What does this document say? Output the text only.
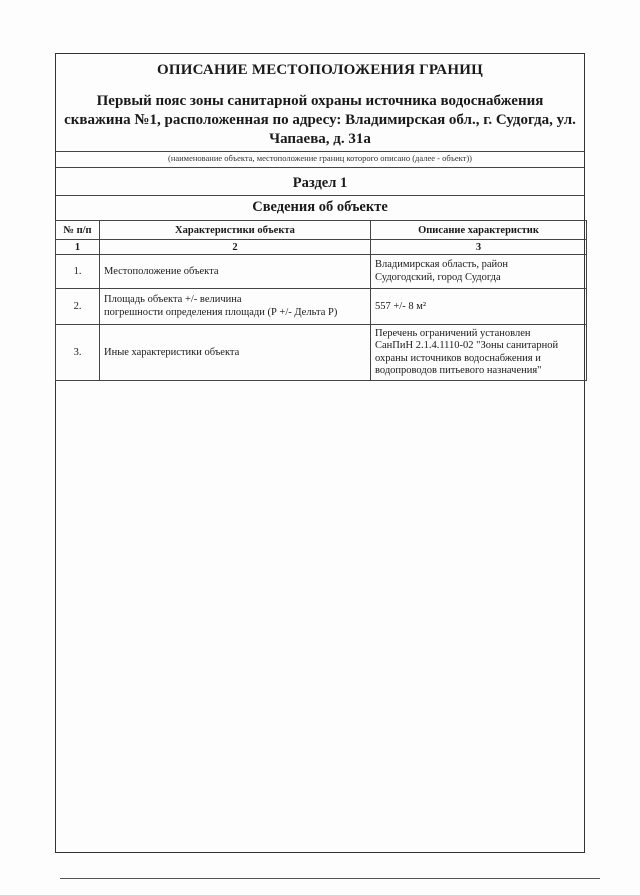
ОПИСАНИЕ МЕСТОПОЛОЖЕНИЯ ГРАНИЦ
Первый пояс зоны санитарной охраны источника водоснабжения скважина №1, расположенная по адресу: Владимирская обл., г. Судогда, ул. Чапаева, д. 31а
(наименование объекта, местоположение границ которого описано (далее - объект))
Раздел 1
Сведения об объекте
№ п/п	Характеристики объекта	Описание характеристик
1	2	3
1.	Местоположение объекта	Владимирская область, район
Судогодский, город Судогда

2.	Площадь объекта +/- величина
погрешности определения площади (Р +/- Дельта Р)	557 +/- 8 м²

3.	Иные характеристики объекта	Перечень ограничений установлен
СанПиН 2.1.4.1110-02 "Зоны санитарной
охраны источников водоснабжения и
водопроводов питьевого назначения"
